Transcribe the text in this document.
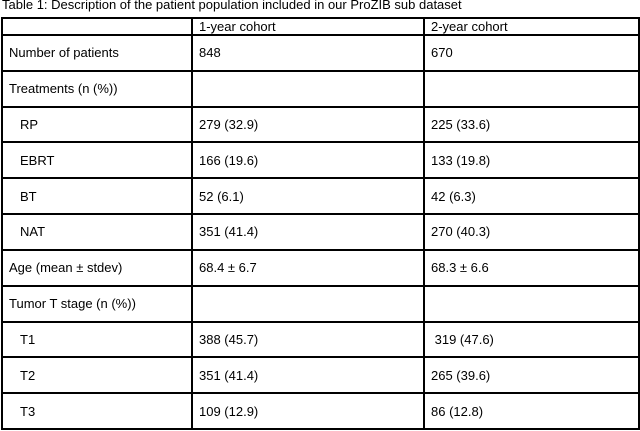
Table 1: Description of the patient population included in our ProZIB sub dataset
	1-year cohort	2-year cohort
Number of patients	848	670
Treatments (n (%))		
RP	279 (32.9)	225 (33.6)
EBRT	166 (19.6)	133 (19.8)
BT	52 (6.1)	42 (6.3)
NAT	351 (41.4)	270 (40.3)
Age (mean ± stdev)	68.4 ± 6.7	68.3 ± 6.6
Tumor T stage (n (%))		
T1	388 (45.7)	319 (47.6)
T2	351 (41.4)	265 (39.6)
T3	109 (12.9)	86 (12.8)
